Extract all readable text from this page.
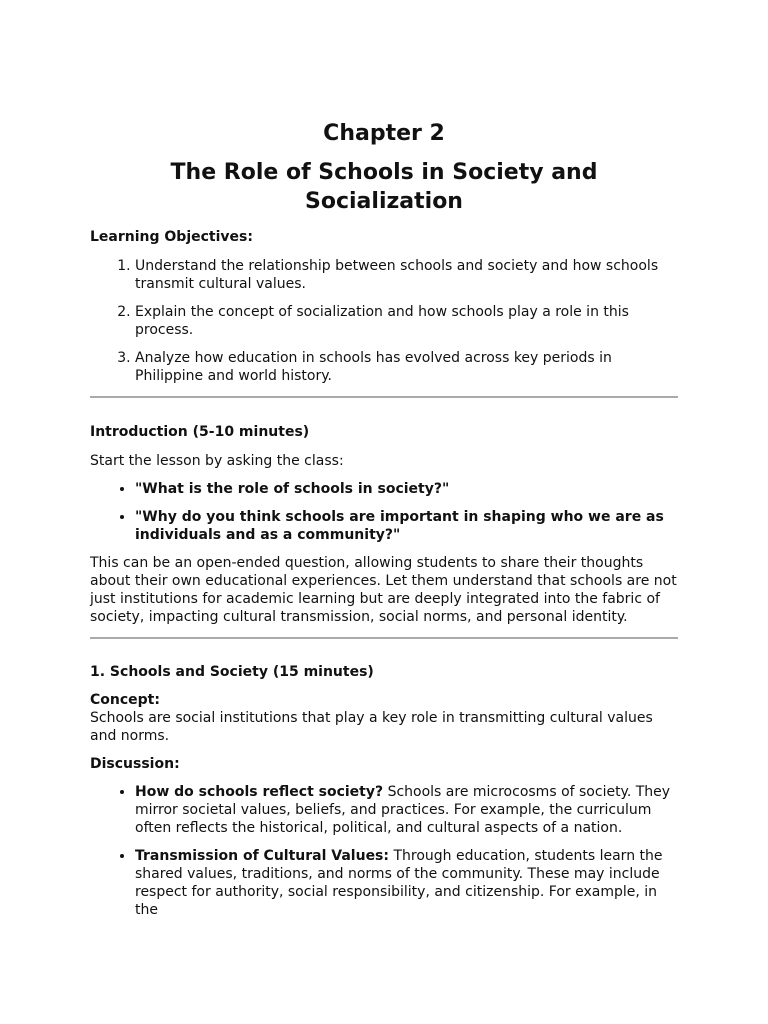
Chapter 2
The Role of Schools in Society and Socialization

Learning Objectives:

1. Understand the relationship between schools and society and how schools transmit cultural values.
2. Explain the concept of socialization and how schools play a role in this process.
3. Analyze how education in schools has evolved across key periods in Philippine and world history.

Introduction (5-10 minutes)

Start the lesson by asking the class:

• "What is the role of schools in society?"
• "Why do you think schools are important in shaping who we are as individuals and as a community?"

This can be an open-ended question, allowing students to share their thoughts about their own educational experiences. Let them understand that schools are not just institutions for academic learning but are deeply integrated into the fabric of society, impacting cultural transmission, social norms, and personal identity.

1. Schools and Society (15 minutes)

Concept:

Schools are social institutions that play a key role in transmitting cultural values and norms.

Discussion:

• How do schools reflect society? Schools are microcosms of society. They mirror societal values, beliefs, and practices. For example, the curriculum often reflects the historical, political, and cultural aspects of a nation.
• Transmission of Cultural Values: Through education, students learn the shared values, traditions, and norms of the community. These may include respect for authority, social responsibility, and citizenship. For example, in the
